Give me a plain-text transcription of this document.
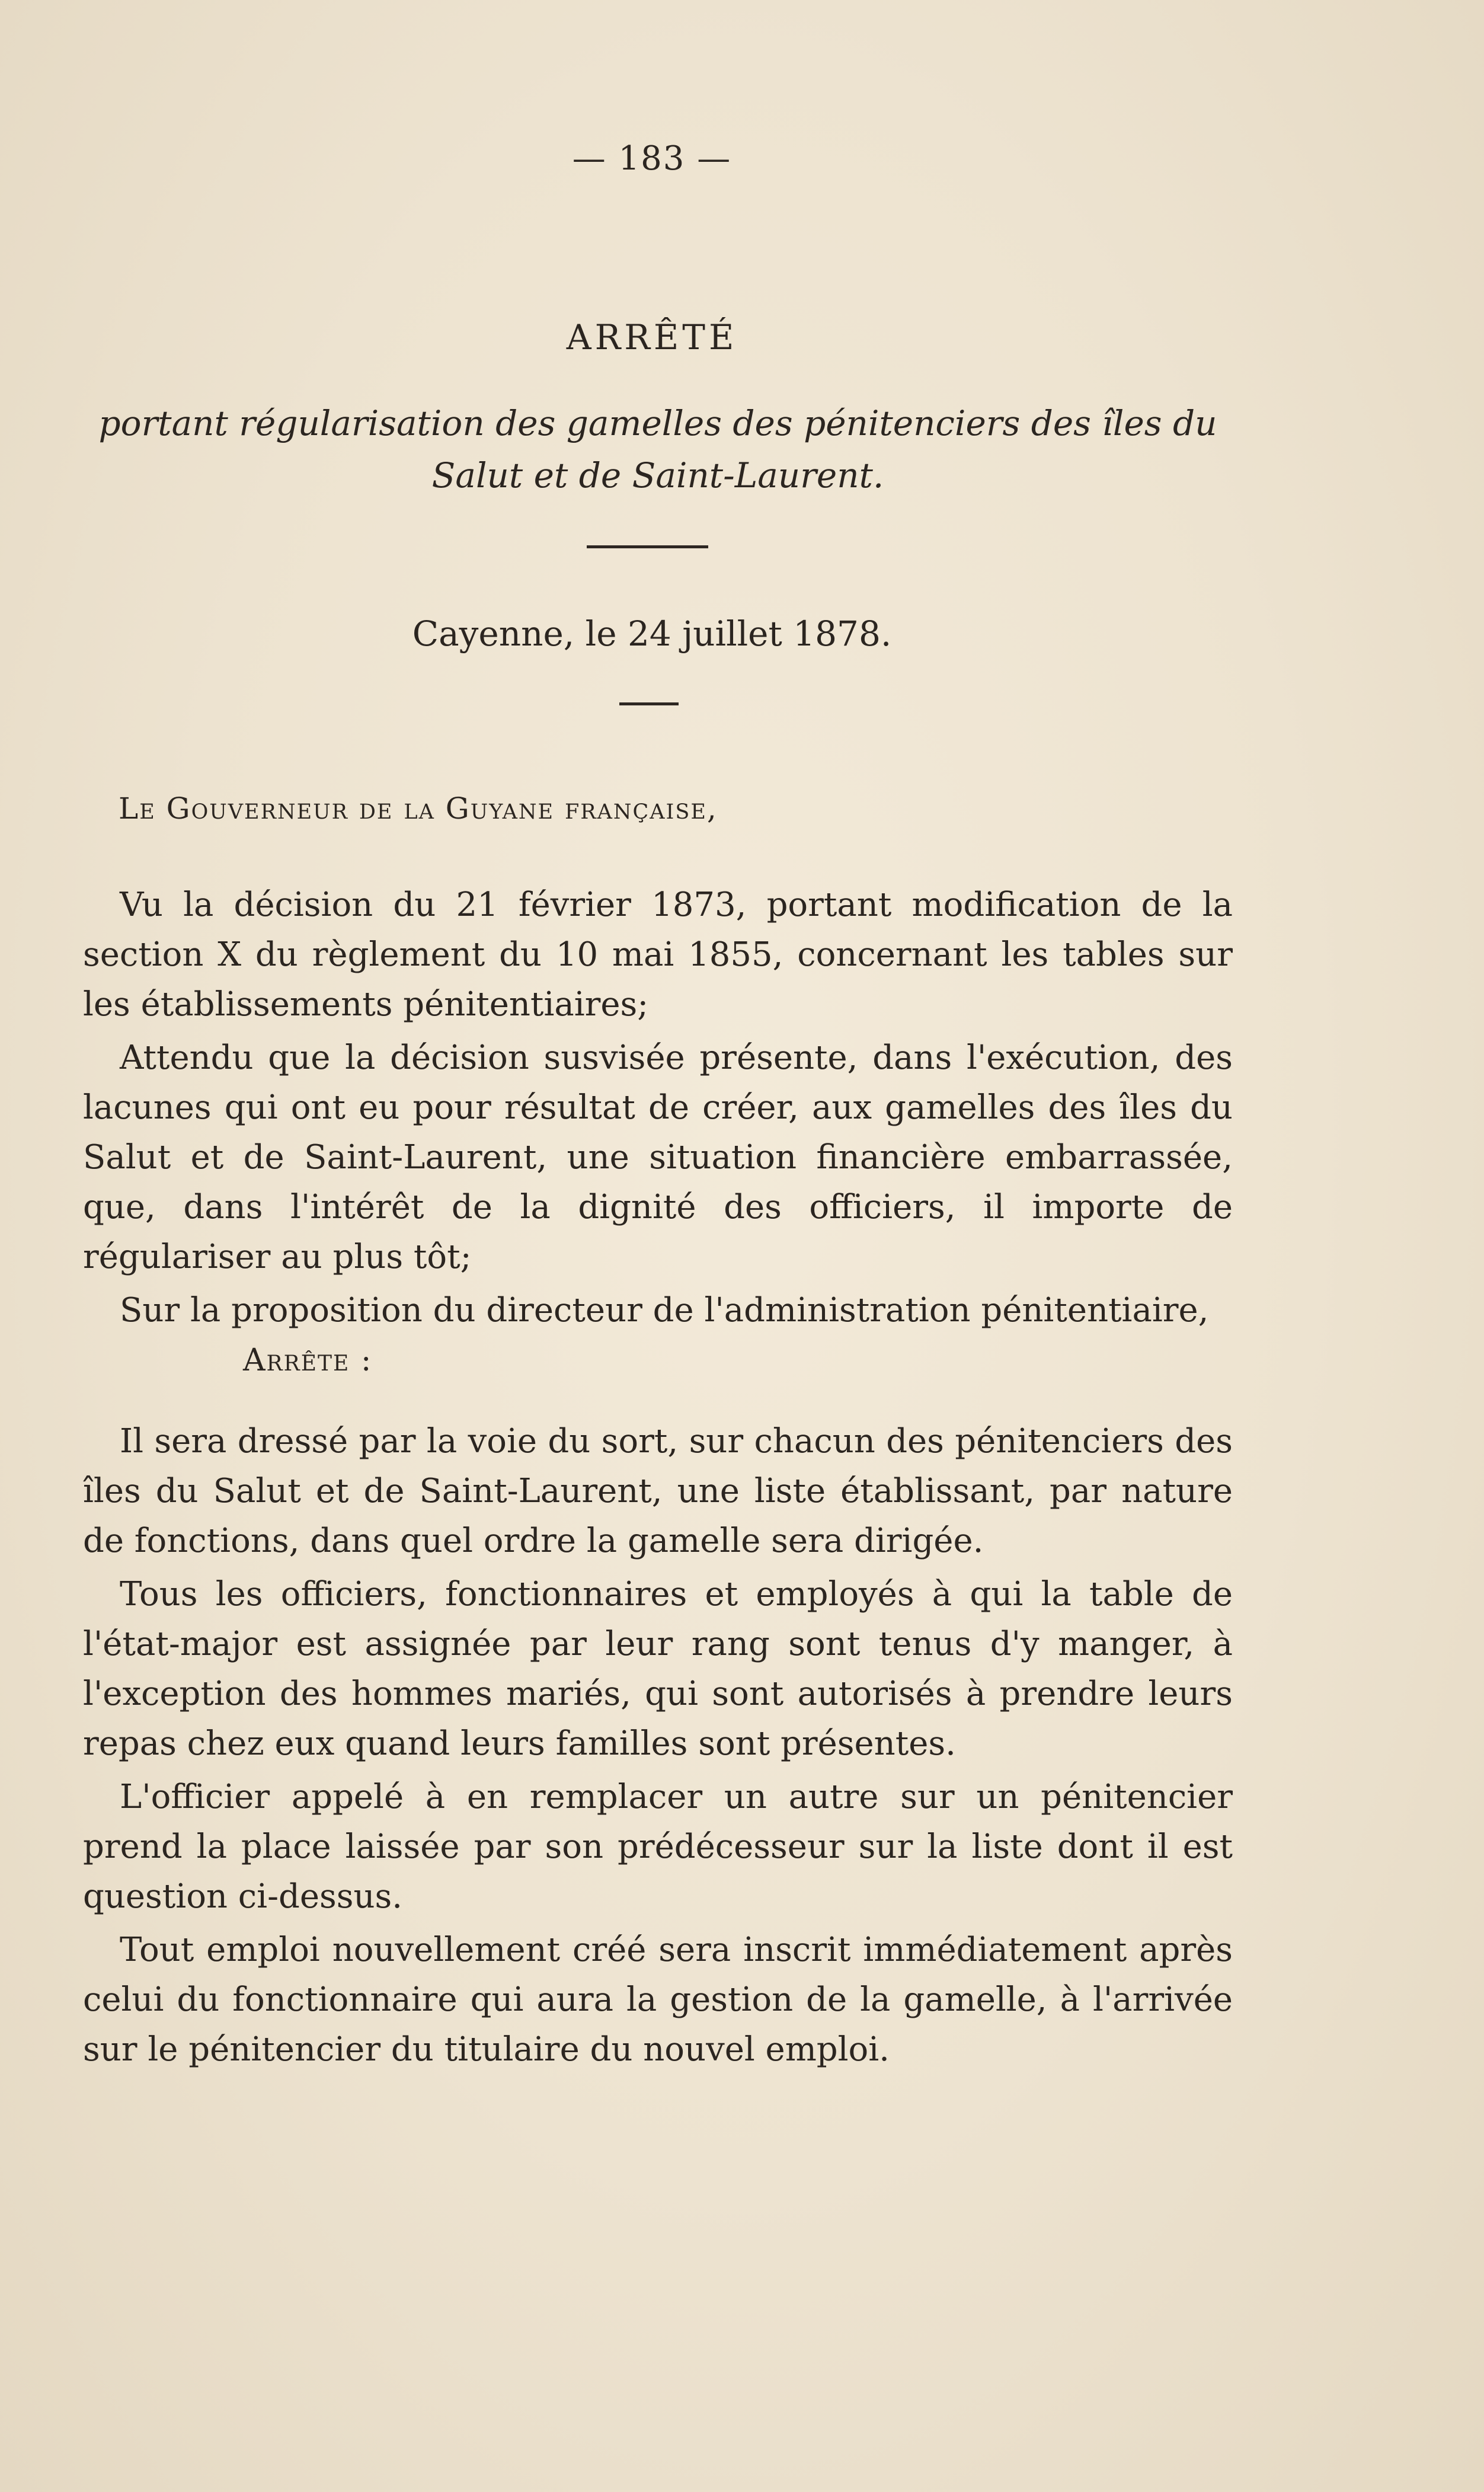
— 183 —
ARRÊTÉ
portant régularisation des gamelles des pénitenciers des îles du Salut et de Saint-Laurent.
Cayenne, le 24 juillet 1878.
Le Gouverneur de la Guyane française,

Vu la décision du 21 février 1873, portant modification de la section X du règlement du 10 mai 1855, concernant les tables sur les établissements pénitentiaires;

Attendu que la décision susvisée présente, dans l'exécution, des lacunes qui ont eu pour résultat de créer, aux gamelles des îles du Salut et de Saint-Laurent, une situation financière embarrassée, que, dans l'intérêt de la dignité des officiers, il importe de régulariser au plus tôt;

Sur la proposition du directeur de l'administration pénitentiaire,

Arrête :

Il sera dressé par la voie du sort, sur chacun des pénitenciers des îles du Salut et de Saint-Laurent, une liste établissant, par nature de fonctions, dans quel ordre la gamelle sera dirigée.

Tous les officiers, fonctionnaires et employés à qui la table de l'état-major est assignée par leur rang sont tenus d'y manger, à l'exception des hommes mariés, qui sont autorisés à prendre leurs repas chez eux quand leurs familles sont présentes.

L'officier appelé à en remplacer un autre sur un pénitencier prend la place laissée par son prédécesseur sur la liste dont il est question ci-dessus.

Tout emploi nouvellement créé sera inscrit immédiatement après celui du fonctionnaire qui aura la gestion de la gamelle, à l'arrivée sur le pénitencier du titulaire du nouvel emploi.
